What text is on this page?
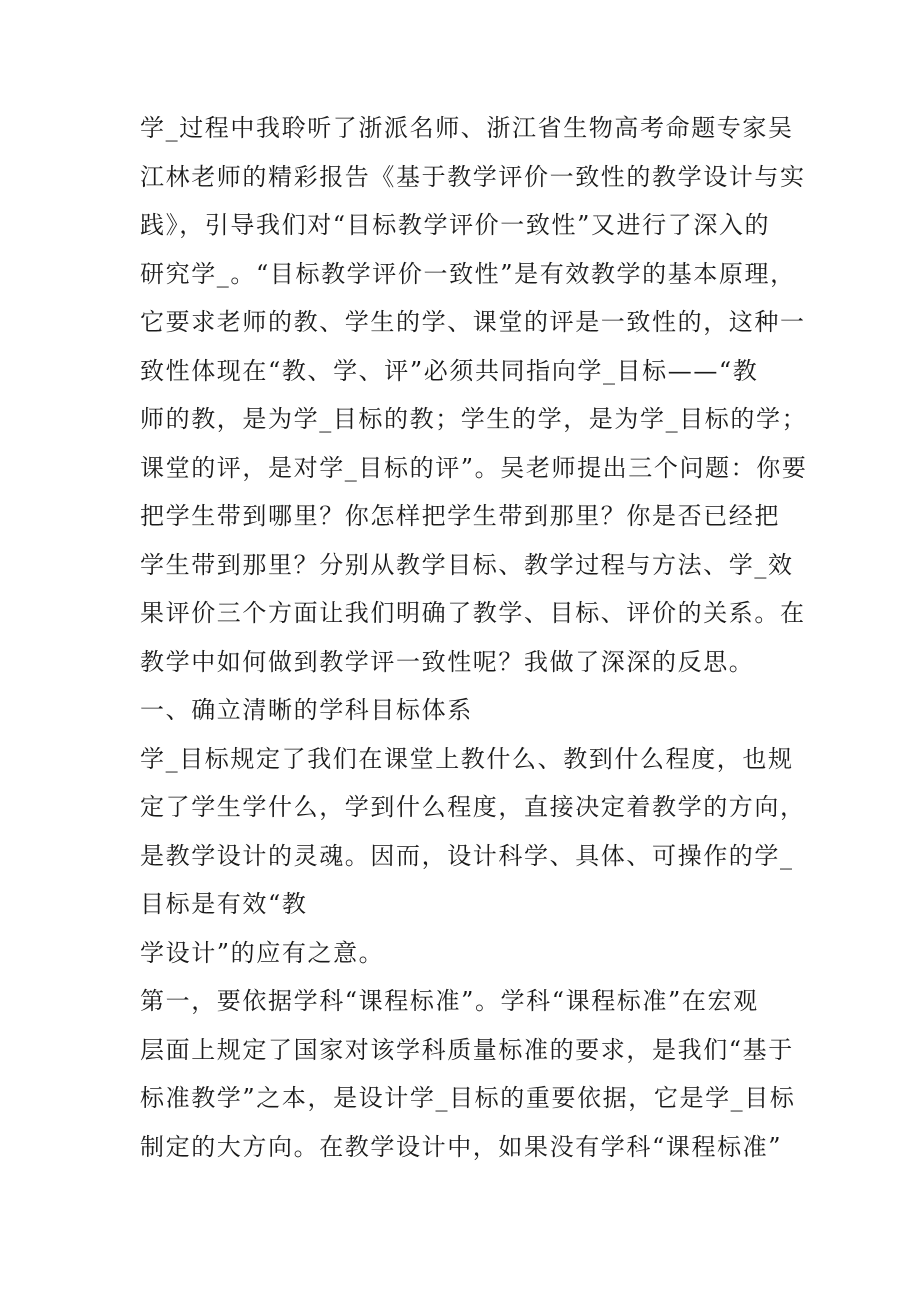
学_过程中我聆听了浙派名师、浙江省生物高考命题专家吴
江林老师的精彩报告《基于教学评价一致性的教学设计与实
践》，引导我们对“目标教学评价一致性”又进行了深入的
研究学_。“目标教学评价一致性”是有效教学的基本原理，
它要求老师的教、学生的学、课堂的评是一致性的，这种一
致性体现在“教、学、评”必须共同指向学_目标——“教
师的教，是为学_目标的教；学生的学，是为学_目标的学；
课堂的评，是对学_目标的评”。吴老师提出三个问题：你要
把学生带到哪里？你怎样把学生带到那里？你是否已经把
学生带到那里？分别从教学目标、教学过程与方法、学_效
果评价三个方面让我们明确了教学、目标、评价的关系。在
教学中如何做到教学评一致性呢？我做了深深的反思。
一、确立清晰的学科目标体系
学_目标规定了我们在课堂上教什么、教到什么程度，也规
定了学生学什么，学到什么程度，直接决定着教学的方向，
是教学设计的灵魂。因而，设计科学、具体、可操作的学_
目标是有效“教
学设计”的应有之意。
第一，要依据学科“课程标准”。学科“课程标准”在宏观
层面上规定了国家对该学科质量标准的要求，是我们“基于
标准教学”之本，是设计学_目标的重要依据，它是学_目标
制定的大方向。在教学设计中，如果没有学科“课程标准”
